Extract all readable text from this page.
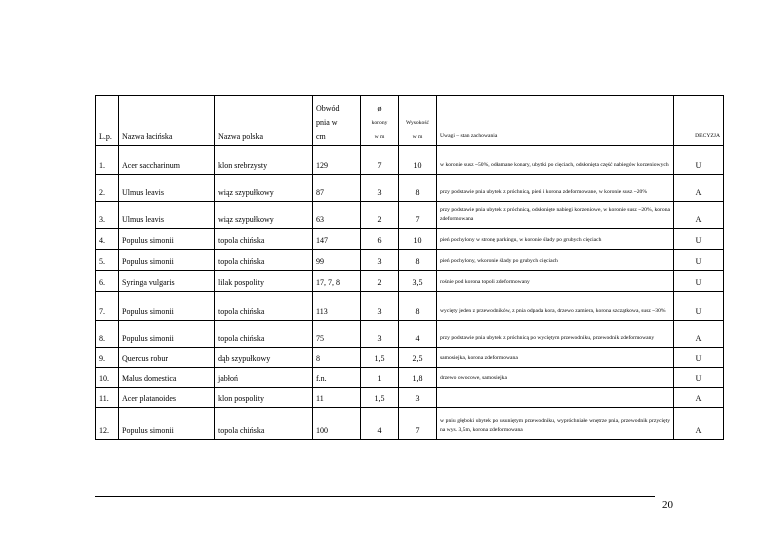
L.p.	Nazwa łacińska	Nazwa polska	Obwód
pnia w
cm	ø
korony
w m	Wysokość
w m	Uwagi – stan zachowania	DECYZJA
1.	Acer saccharinum	klon srebrzysty	129	7	10	w koronie susz ~50%, odłamane konary, ubytki po cięciach, odsłonięta część nabiegów korzeniowych	U
2.	Ulmus leavis	wiąz szypułkowy	87	3	8	przy podstawie pnia ubytek z próchnicą, pień i korona zdeformowane, w koronie susz ~20%	A
3.	Ulmus leavis	wiąz szypułkowy	63	2	7	przy podstawie pnia ubytek z próchnicą, odsłonięte nabiegi korzeniowe, w koronie susz ~20%, korona zdeformowana	A
4.	Populus simonii	topola chińska	147	6	10	pień pochylony w stronę parkingu, w koronie ślady po grubych cięciach	U
5.	Populus simonii	topola chińska	99	3	8	pień pochylony, wkoronie ślady po grubych cięciach	U
6.	Syringa vulgaris	lilak pospolity	17, 7, 8	2	3,5	rośnie pod korona topoli zdeformowany	U
7.	Populus simonii	topola chińska	113	3	8	wycięty jeden z przewodników, z pnia odpada kora, drzewo zamiera, korona szczątkowa, susz ~30%	U
8.	Populus simonii	topola chińska	75	3	4	przy podstawie pnia ubytek z próchnicą po wyciętym przewodniku, przewodnik zdeformowany	A
9.	Quercus robur	dąb szypułkowy	8	1,5	2,5	samosiejka, korona zdeformowana	U
10.	Malus domestica	jabłoń	f.n.	1	1,8	drzewo owocowe, samosiejka	U
11.	Acer platanoides	klon pospolity	11	1,5	3		A
12.	Populus simonii	topola chińska	100	4	7	w pniu głęboki ubytek po usuniętym przewodniku, wypróchniałe wnętrze pnia, przewodnik przycięty na wys. 3,5m, korona zdeformowana	A
20
